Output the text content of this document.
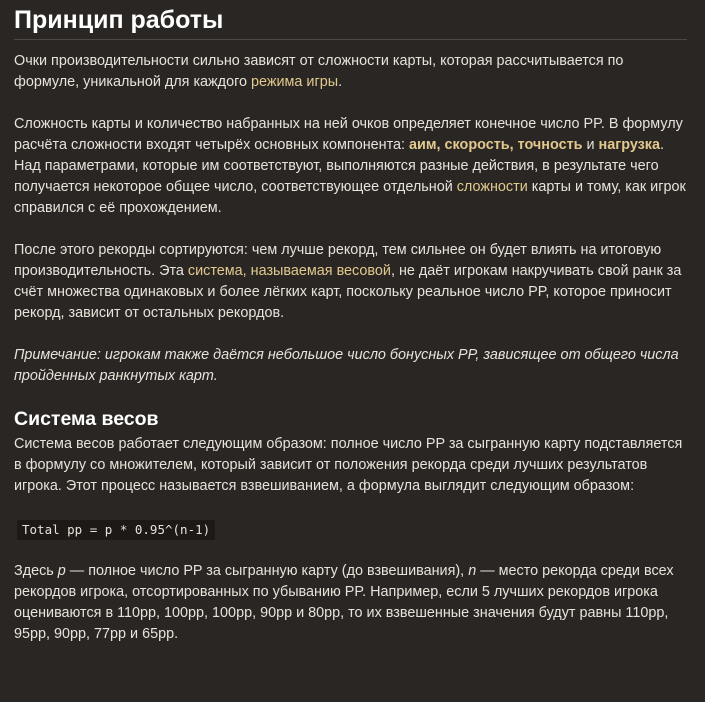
Принцип работы

Очки производительности сильно зависят от сложности карты, которая рассчитывается по формуле, уникальной для каждого режима игры.

Сложность карты и количество набранных на ней очков определяет конечное число PP. В формулу расчёта сложности входят четырёх основных компонента: аим, скорость, точность и нагрузка. Над параметрами, которые им соответствуют, выполняются разные действия, в результате чего получается некоторое общее число, соответствующее отдельной сложности карты и тому, как игрок справился с её прохождением.

После этого рекорды сортируются: чем лучше рекорд, тем сильнее он будет влиять на итоговую производительность. Эта система, называемая весовой, не даёт игрокам накручивать свой ранк за счёт множества одинаковых и более лёгких карт, поскольку реальное число PP, которое приносит рекорд, зависит от остальных рекордов.

Примечание: игрокам также даётся небольшое число бонусных PP, зависящее от общего числа пройденных ранкнутых карт.

Система весов

Система весов работает следующим образом: полное число PP за сыгранную карту подставляется в формулу со множителем, который зависит от положения рекорда среди лучших результатов игрока. Этот процесс называется взвешиванием, а формула выглядит следующим образом:

Total pp = p * 0.95^(n-1)

Здесь p — полное число PP за сыгранную карту (до взвешивания), n — место рекорда среди всех рекордов игрока, отсортированных по убыванию PP. Например, если 5 лучших рекордов игрока оцениваются в 110pp, 100pp, 100pp, 90pp и 80pp, то их взвешенные значения будут равны 110pp, 95pp, 90pp, 77pp и 65pp.
